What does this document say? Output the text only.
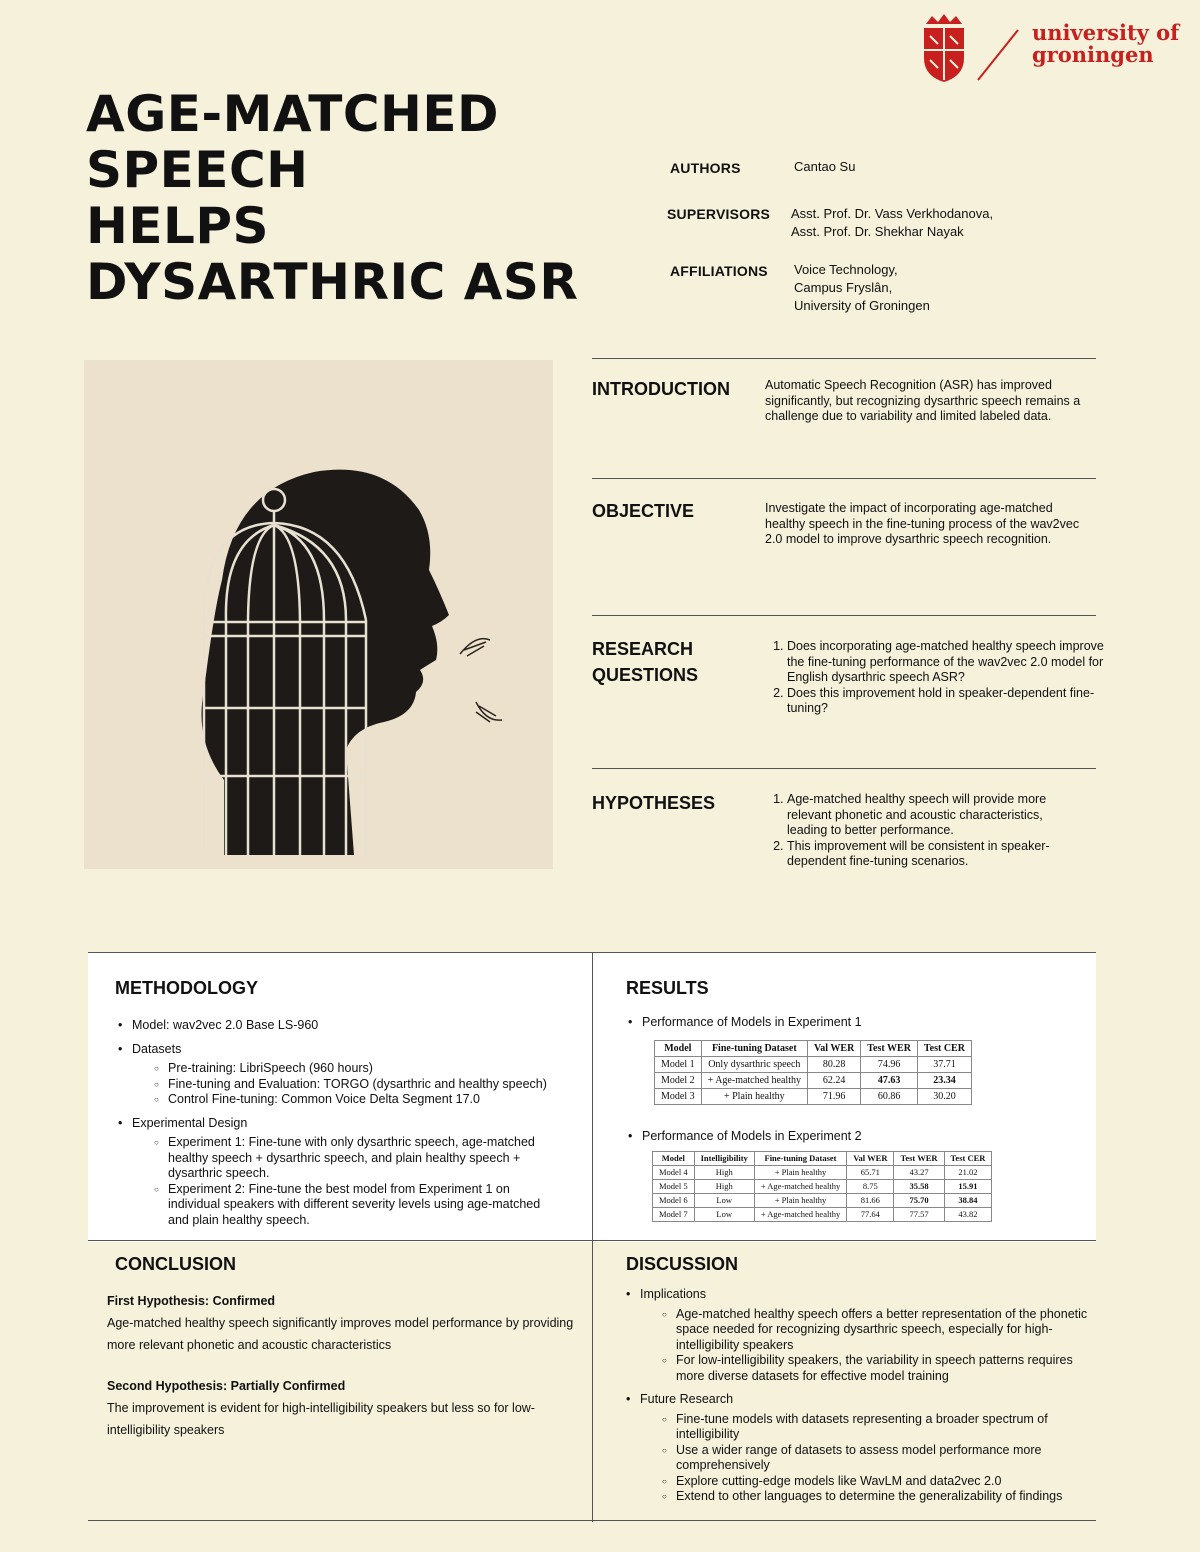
university of
groningen
AGE-MATCHED
SPEECH
HELPS
DYSARTHRIC ASR
AUTHORS	Cantao Su
SUPERVISORS Asst. Prof. Dr. Vass Verkhodanova,
Asst. Prof. Dr. Shekhar Nayak
AFFILIATIONS Voice Technology,
Campus Fryslân,
University of Groningen
INTRODUCTION	Automatic Speech Recognition (ASR) has improved significantly, but recognizing dysarthric speech remains a challenge due to variability and limited labeled data.
OBJECTIVE	Investigate the impact of incorporating age-matched healthy speech in the fine-tuning process of the wav2vec 2.0 model to improve dysarthric speech recognition.
RESEARCH
QUESTIONS
1. Does incorporating age-matched healthy speech improve the fine-tuning performance of the wav2vec 2.0 model for English dysarthric speech ASR?
2. Does this improvement hold in speaker-dependent fine-tuning?
HYPOTHESES	1. Age-matched healthy speech will provide more relevant phonetic and acoustic characteristics, leading to better performance.
2. This improvement will be consistent in speaker-dependent fine-tuning scenarios.
METHODOLOGY
• Model: wav2vec 2.0 Base LS-960
• Datasets
○ Pre-training: LibriSpeech (960 hours)
○ Fine-tuning and Evaluation: TORGO (dysarthric and healthy speech)
○ Control Fine-tuning: Common Voice Delta Segment 17.0
• Experimental Design
○ Experiment 1: Fine-tune with only dysarthric speech, age-matched healthy speech + dysarthric speech, and plain healthy speech + dysarthric speech.
○ Experiment 2: Fine-tune the best model from Experiment 1 on individual speakers with different severity levels using age-matched and plain healthy speech.
RESULTS
• Performance of Models in Experiment 1
Model	Fine-tuning Dataset	Val WER	Test WER	Test CER
Model 1	Only dysarthric speech	80.28	74.96	37.71
Model 2	+ Age-matched healthy	62.24	47.63	23.34
Model 3	+ Plain healthy	71.96	60.86	30.20
• Performance of Models in Experiment 2
Model	Intelligibility	Fine-tuning Dataset	Val WER	Test WER	Test CER
Model 4	High	+ Plain healthy	65.71	43.27	21.02
Model 5	High	+ Age-matched healthy	8.75	35.58	15.91
Model 6	Low	+ Plain healthy	81.66	75.70	38.84
Model 7	Low	+ Age-matched healthy	77.64	77.57	43.82
CONCLUSION
First Hypothesis: Confirmed
Age-matched healthy speech significantly improves model performance by providing more relevant phonetic and acoustic characteristics
Second Hypothesis: Partially Confirmed
The improvement is evident for high-intelligibility speakers but less so for low-intelligibility speakers
DISCUSSION
• Implications
○ Age-matched healthy speech offers a better representation of the phonetic space needed for recognizing dysarthric speech, especially for high-intelligibility speakers
○ For low-intelligibility speakers, the variability in speech patterns requires more diverse datasets for effective model training
• Future Research
○ Fine-tune models with datasets representing a broader spectrum of intelligibility
○ Use a wider range of datasets to assess model performance more comprehensively
○ Explore cutting-edge models like WavLM and data2vec 2.0
○ Extend to other languages to determine the generalizability of findings
